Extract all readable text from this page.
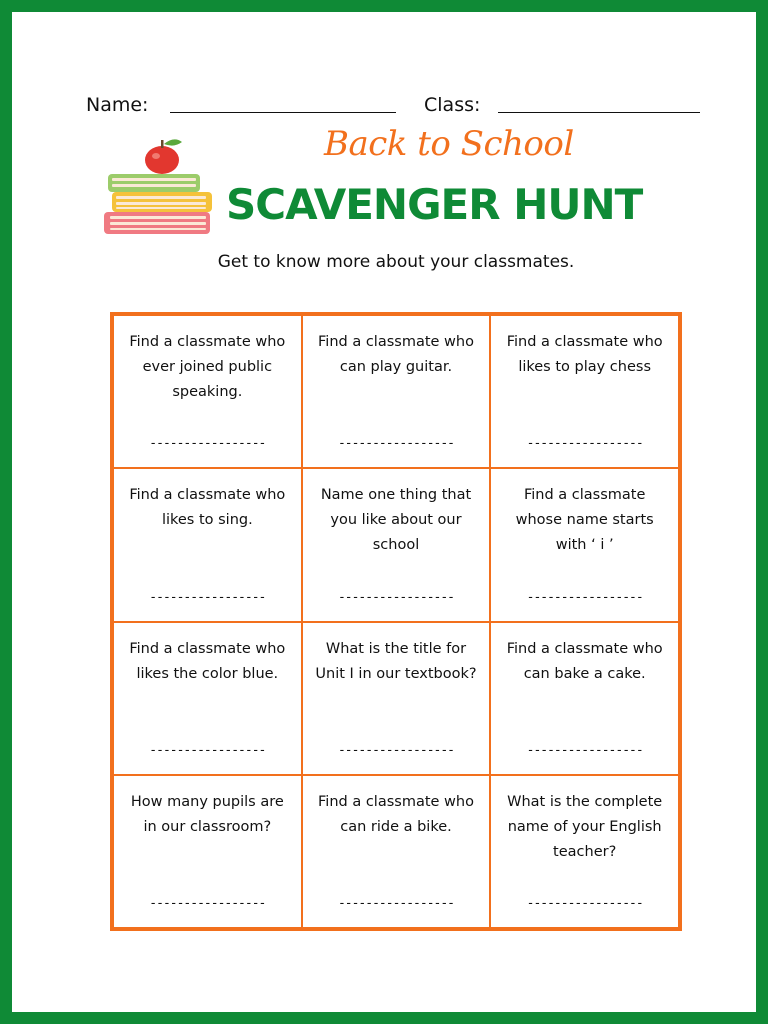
Name:	Class:
Back to School
SCAVENGER HUNT
Get to know more about your classmates.
Find a classmate who ever joined public speaking.
-----------------
Find a classmate who can play guitar.
-----------------
Find a classmate who likes to play chess
-----------------
Find a classmate who likes to sing.
-----------------
Name one thing that you like about our school
-----------------
Find a classmate whose name starts with ‘ i ’
-----------------
Find a classmate who likes the color blue.
-----------------
What is the title for Unit I in our textbook?
-----------------
Find a classmate who can bake a cake.
-----------------
How many pupils are in our classroom?
-----------------
Find a classmate who can ride a bike.
-----------------
What is the complete name of your English teacher?
-----------------
